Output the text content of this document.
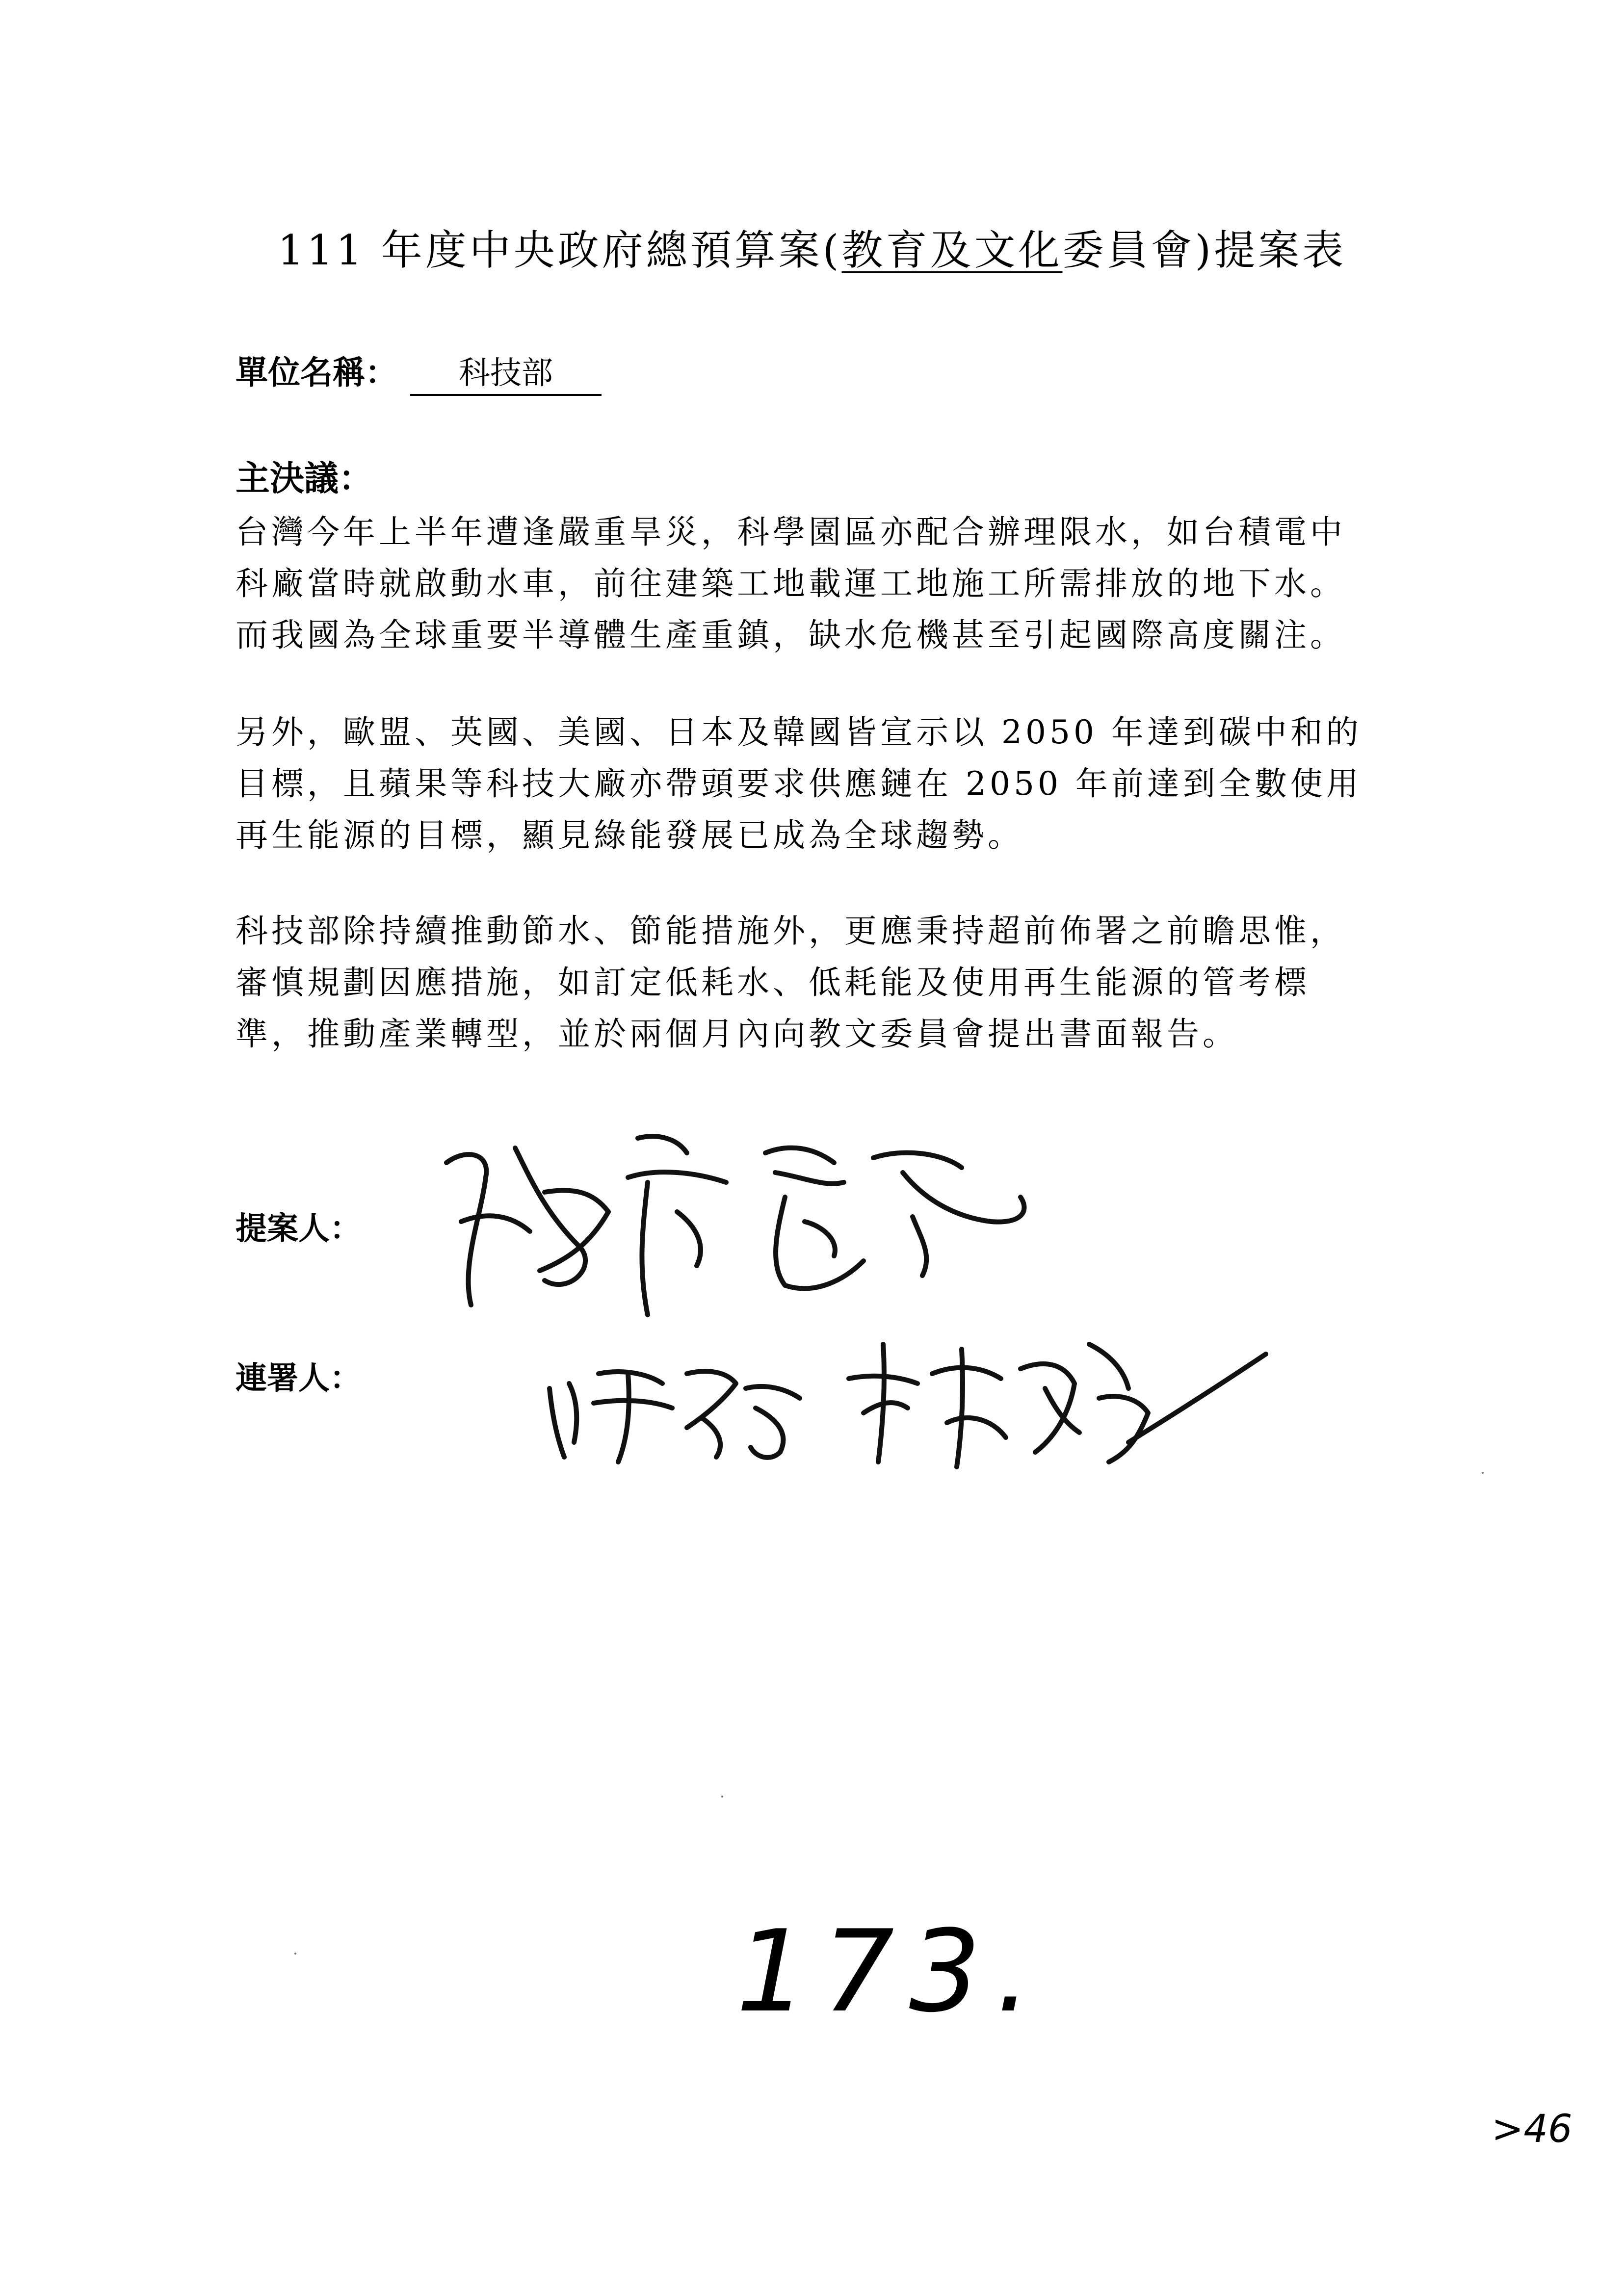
111 年度中央政府總預算案(教育及文化委員會)提案表
單位名稱： 科技部
主決議：
台灣今年上半年遭逢嚴重旱災，科學園區亦配合辦理限水，如台積電中
科廠當時就啟動水車，前往建築工地載運工地施工所需排放的地下水。
而我國為全球重要半導體生產重鎮，缺水危機甚至引起國際高度關注。
另外，歐盟、英國、美國、日本及韓國皆宣示以 2050 年達到碳中和的
目標，且蘋果等科技大廠亦帶頭要求供應鏈在 2050 年前達到全數使用
再生能源的目標，顯見綠能發展已成為全球趨勢。
科技部除持續推動節水、節能措施外，更應秉持超前佈署之前瞻思惟，
審慎規劃因應措施，如訂定低耗水、低耗能及使用再生能源的管考標
準，推動產業轉型，並於兩個月內向教文委員會提出書面報告。
提案人：
連署人：
173.
>46
